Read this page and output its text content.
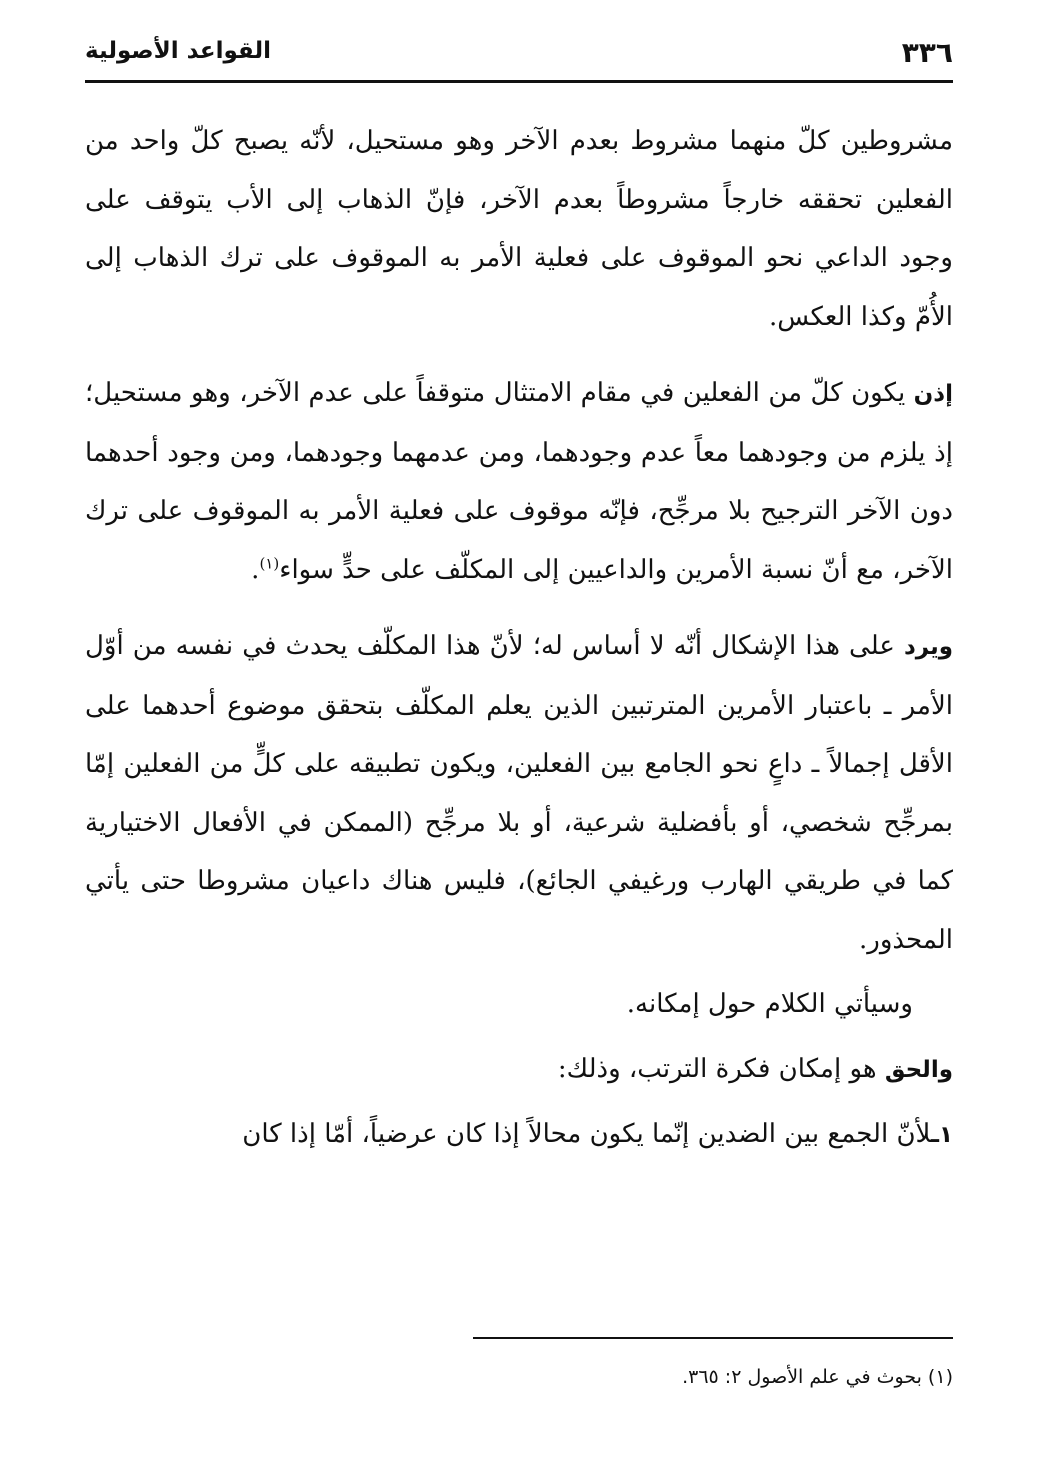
٣٣٦
القواعد الأصولية

مشروطين كلّ منهما مشروط بعدم الآخر وهو مستحيل، لأنّه يصبح كلّ واحد من الفعلين تحققه خارجاً مشروطاً بعدم الآخر، فإنّ الذهاب إلى الأب يتوقف على وجود الداعي نحو الموقوف على فعلية الأمر به الموقوف على ترك الذهاب إلى الأُمّ وكذا العكس.

إذن يكون كلّ من الفعلين في مقام الامتثال متوقفاً على عدم الآخر، وهو مستحيل؛ إذ يلزم من وجودهما معاً عدم وجودهما، ومن عدمهما وجودهما، ومن وجود أحدهما دون الآخر الترجيح بلا مرجِّح، فإنّه موقوف على فعلية الأمر به الموقوف على ترك الآخر، مع أنّ نسبة الأمرين والداعيين إلى المكلّف على حدٍّ سواء$^{(١)}$.

ويرد على هذا الإشكال أنّه لا أساس له؛ لأنّ هذا المكلّف يحدث في نفسه من أوّل الأمر ـ باعتبار الأمرين المترتبين الذين يعلم المكلّف بتحقق موضوع أحدهما على الأقل إجمالاً ـ داعٍ نحو الجامع بين الفعلين، ويكون تطبيقه على كلٍّ من الفعلين إمّا بمرجِّح شخصي، أو بأفضلية شرعية، أو بلا مرجِّح (الممكن في الأفعال الاختيارية كما في طريقي الهارب ورغيفي الجائع)، فليس هناك داعيان مشروطا حتى يأتي المحذور.

وسيأتي الكلام حول إمكانه.

والحق هو إمكان فكرة الترتب، وذلك:

١ـلأنّ الجمع بين الضدين إنّما يكون محالاً إذا كان عرضياً، أمّا إذا كان

(١) بحوث في علم الأصول ٢: ٣٦٥.
